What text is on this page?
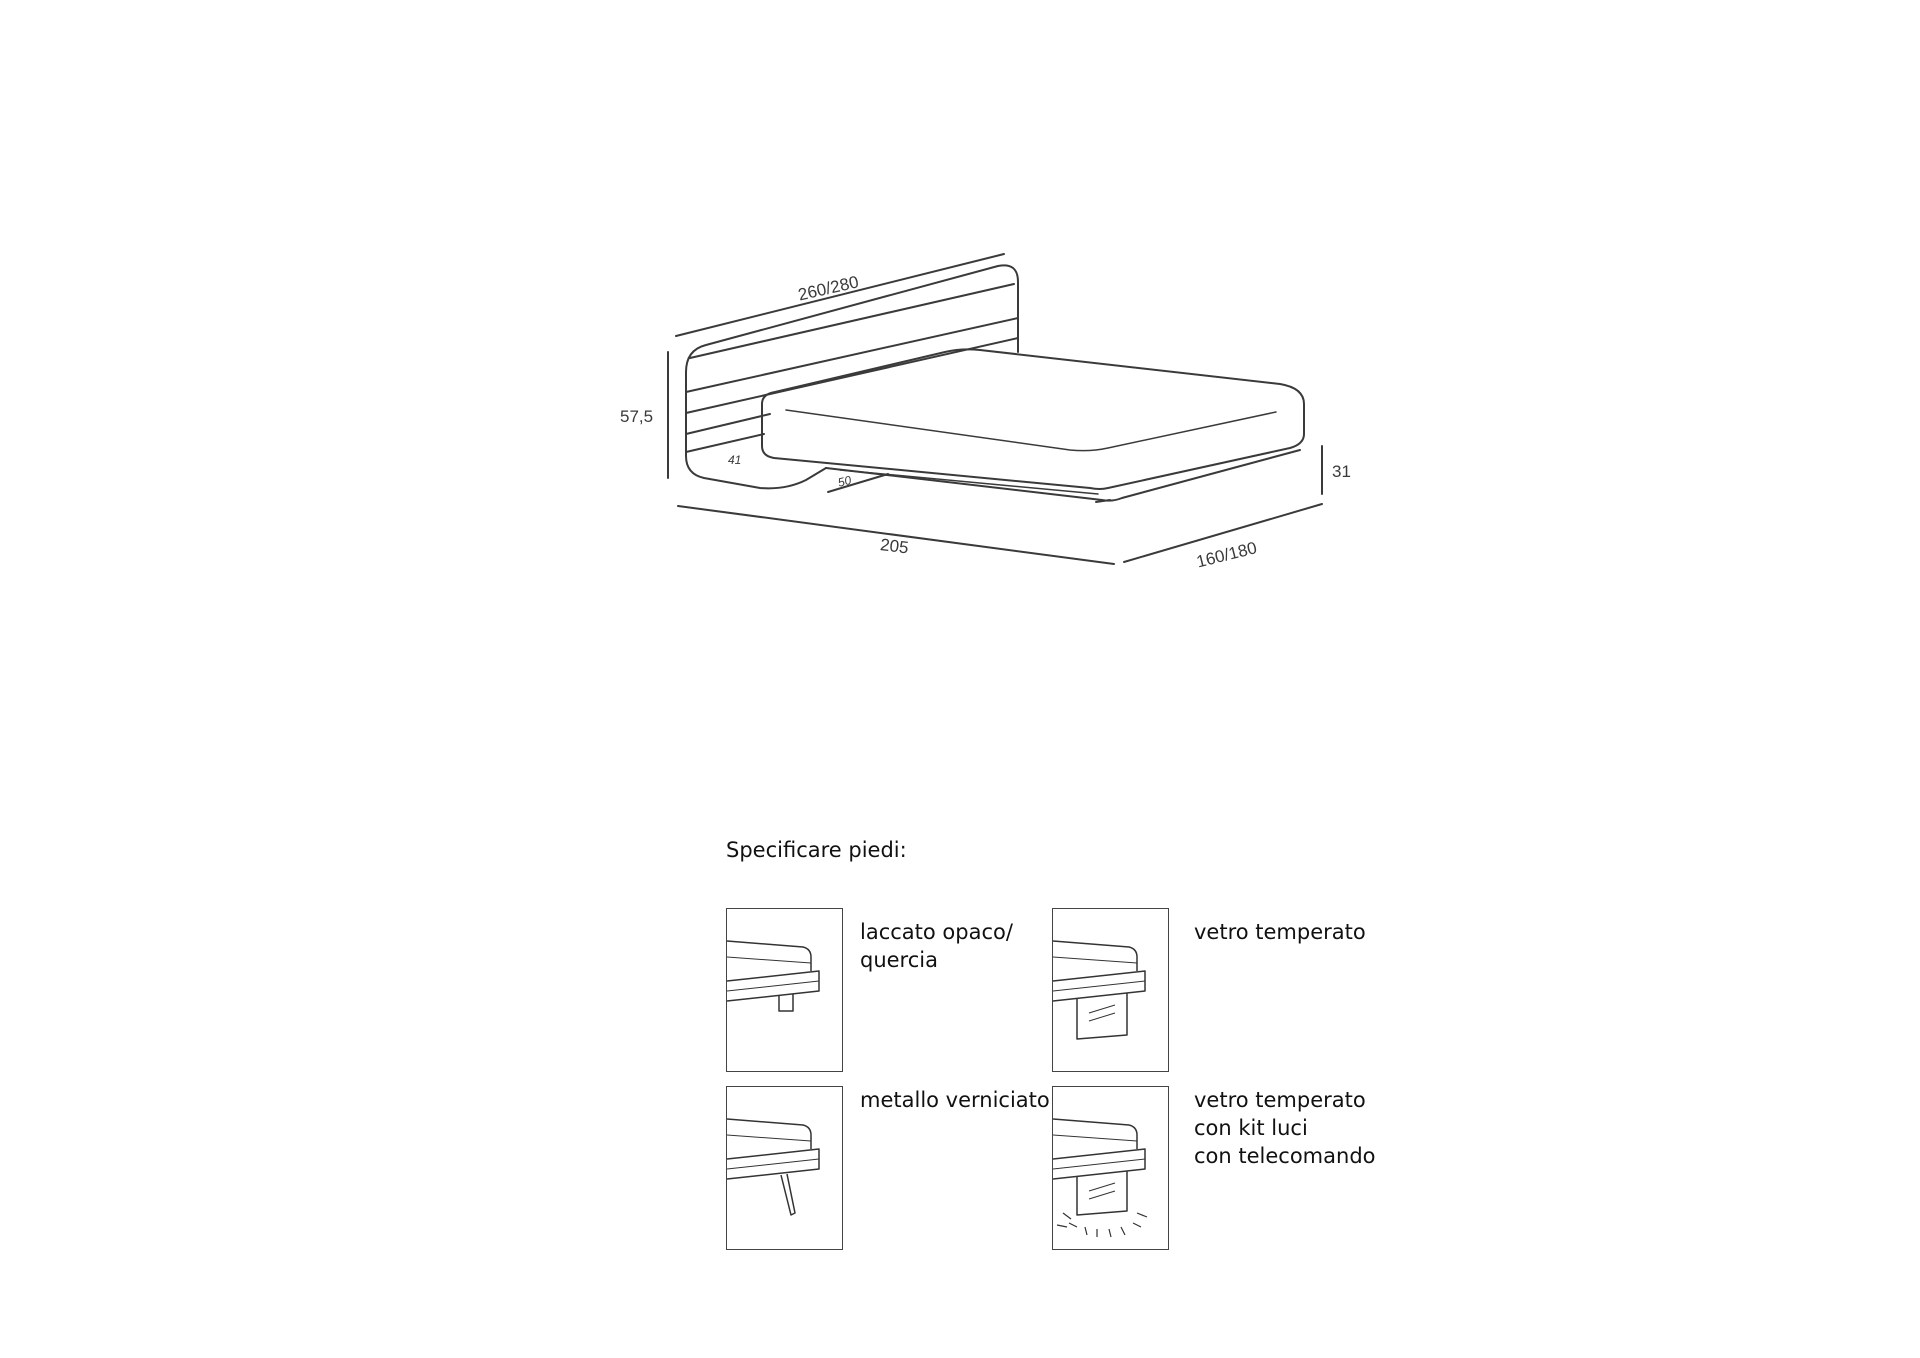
260/280
57,5
205	160/180
31
41
50
Specificare piedi:
laccato opaco/
quercia
vetro temperato
metallo verniciato	vetro temperato
con kit luci
con telecomando
